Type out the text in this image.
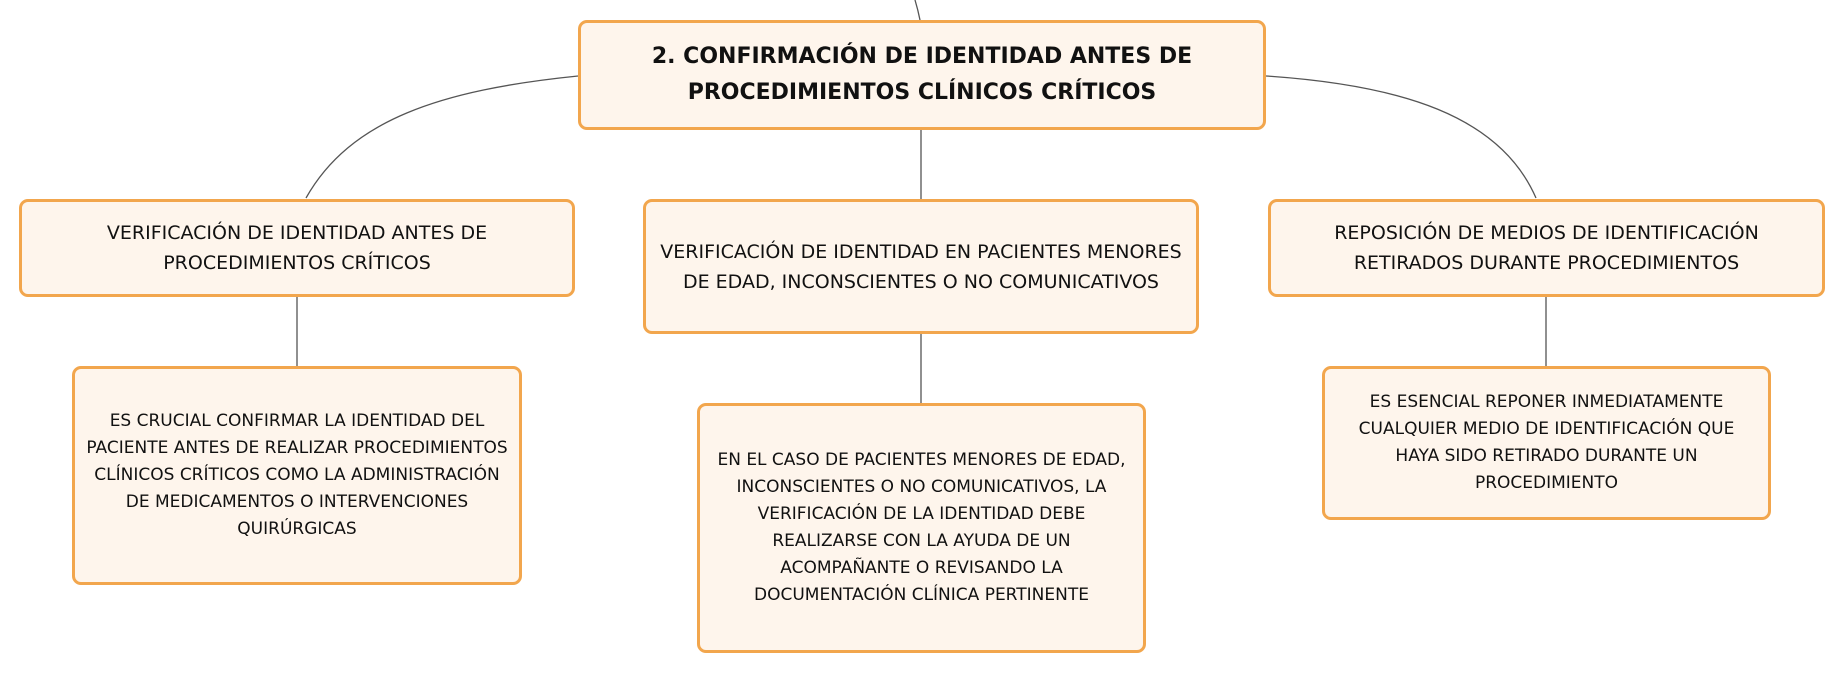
2. CONFIRMACIÓN DE IDENTIDAD ANTES DE PROCEDIMIENTOS CLÍNICOS CRÍTICOS
VERIFICACIÓN DE IDENTIDAD ANTES DE PROCEDIMIENTOS CRÍTICOS
VERIFICACIÓN DE IDENTIDAD EN PACIENTES MENORES DE EDAD, INCONSCIENTES O NO COMUNICATIVOS
REPOSICIÓN DE MEDIOS DE IDENTIFICACIÓN RETIRADOS DURANTE PROCEDIMIENTOS
ES CRUCIAL CONFIRMAR LA IDENTIDAD DEL PACIENTE ANTES DE REALIZAR PROCEDIMIENTOS CLÍNICOS CRÍTICOS COMO LA ADMINISTRACIÓN DE MEDICAMENTOS O INTERVENCIONES QUIRÚRGICAS
EN EL CASO DE PACIENTES MENORES DE EDAD, INCONSCIENTES O NO COMUNICATIVOS, LA VERIFICACIÓN DE LA IDENTIDAD DEBE REALIZARSE CON LA AYUDA DE UN ACOMPAÑANTE O REVISANDO LA DOCUMENTACIÓN CLÍNICA PERTINENTE
ES ESENCIAL REPONER INMEDIATAMENTE CUALQUIER MEDIO DE IDENTIFICACIÓN QUE HAYA SIDO RETIRADO DURANTE UN PROCEDIMIENTO
